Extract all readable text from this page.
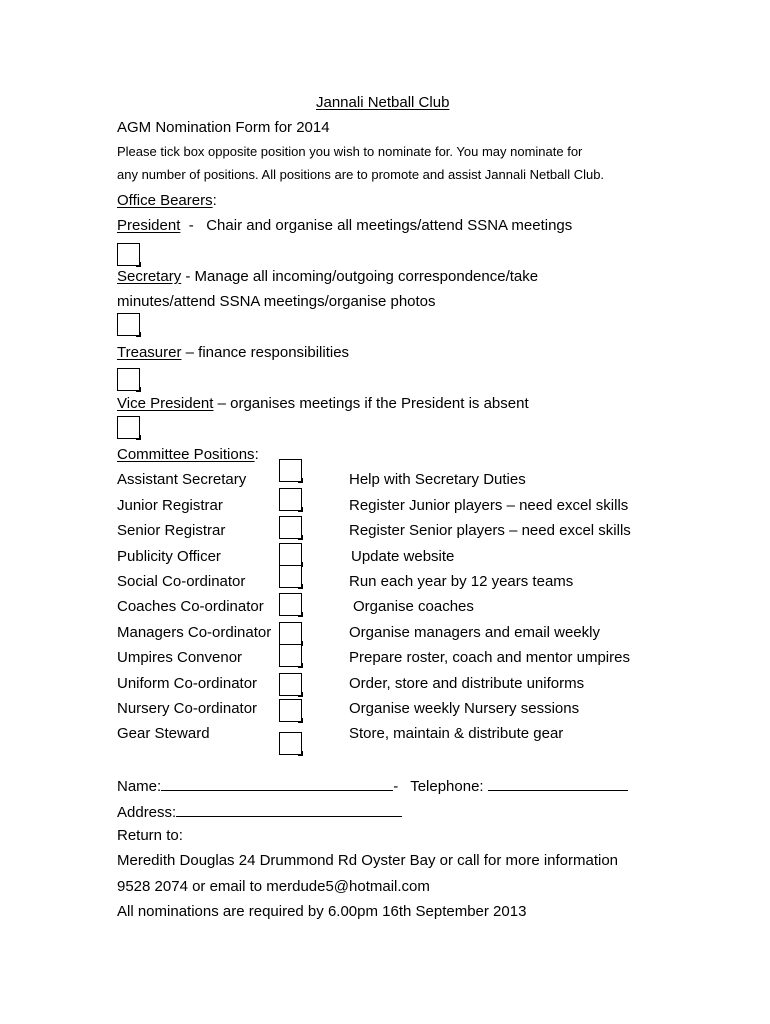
Jannali Netball Club
AGM Nomination Form for 2014
Please tick box opposite position you wish to nominate for. You may nominate for
any number of positions. All positions are to promote and assist Jannali Netball Club.
Office Bearers:
President  -   Chair and organise all meetings/attend SSNA meetings
Secretary - Manage all incoming/outgoing correspondence/take
minutes/attend SSNA meetings/organise photos
Treasurer – finance responsibilities
Vice President – organises meetings if the President is absent
Committee Positions:
Assistant Secretary	Help with Secretary Duties
Junior Registrar	Register Junior players – need excel skills
Senior Registrar	Register Senior players – need excel skills
Publicity Officer	Update website
Social Co-ordinator	Run each year by 12 years teams
Coaches Co-ordinator	Organise coaches
Managers Co-ordinator	Organise managers and email weekly
Umpires Convenor	Prepare roster, coach and mentor umpires
Uniform Co-ordinator	Order, store and distribute uniforms
Nursery Co-ordinator	Organise weekly Nursery sessions
Gear Steward	Store, maintain & distribute gear
Name:	- Telephone:
Address:
Return to:
Meredith Douglas 24 Drummond Rd Oyster Bay or call for more information
9528 2074 or email to merdude5@hotmail.com
All nominations are required by 6.00pm 16th September 2013
